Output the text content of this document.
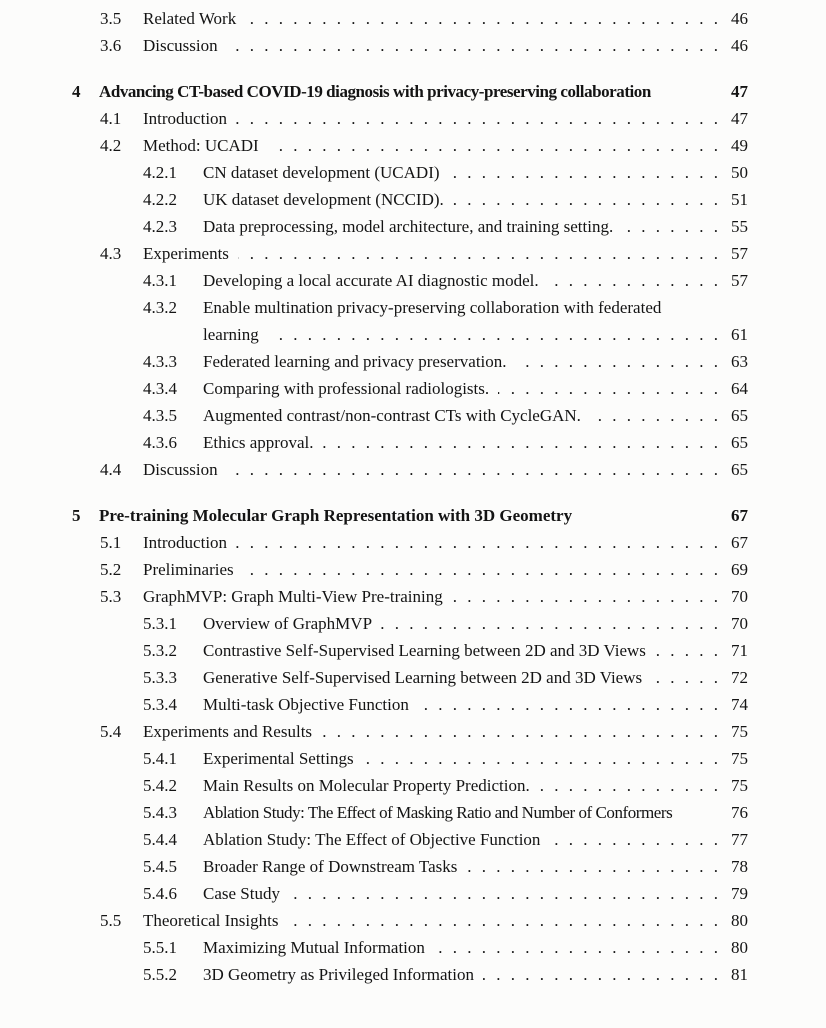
3.5	Related Work . . .	46
3.6	Discussion . . .	46
4	Advancing CT-based COVID-19 diagnosis with privacy-preserving collaboration	47
4.1	Introduction . . .	47
4.2	Method: UCADI . . .	49
4.2.1	CN dataset development (UCADI) . . .	50
4.2.2	UK dataset development (NCCID). . . .	51
4.2.3	Data preprocessing, model architecture, and training setting. . . .	55
4.3	Experiments . . .	57
4.3.1	Developing a local accurate AI diagnostic model. . . .	57
4.3.2	Enable multination privacy-preserving collaboration with federated
learning . . .	61
4.3.3	Federated learning and privacy preservation. . . .	63
4.3.4	Comparing with professional radiologists. . . .	64
4.3.5	Augmented contrast/non-contrast CTs with CycleGAN. . . .	65
4.3.6	Ethics approval. . . .	65
4.4	Discussion . . .	65
5	Pre-training Molecular Graph Representation with 3D Geometry	67
5.1	Introduction . . .	67
5.2	Preliminaries . . .	69
5.3	GraphMVP: Graph Multi-View Pre-training . . .	70
5.3.1	Overview of GraphMVP . . .	70
5.3.2	Contrastive Self-Supervised Learning between 2D and 3D Views . . .	71
5.3.3	Generative Self-Supervised Learning between 2D and 3D Views . . .	72
5.3.4	Multi-task Objective Function . . .	74
5.4	Experiments and Results . . .	75
5.4.1	Experimental Settings . . .	75
5.4.2	Main Results on Molecular Property Prediction. . . .	75
5.4.3	Ablation Study: The Effect of Masking Ratio and Number of Conformers	76
5.4.4	Ablation Study: The Effect of Objective Function . . .	77
5.4.5	Broader Range of Downstream Tasks . . .	78
5.4.6	Case Study . . .	79
5.5	Theoretical Insights . . .	80
5.5.1	Maximizing Mutual Information . . .	80
5.5.2	3D Geometry as Privileged Information . . .	81
